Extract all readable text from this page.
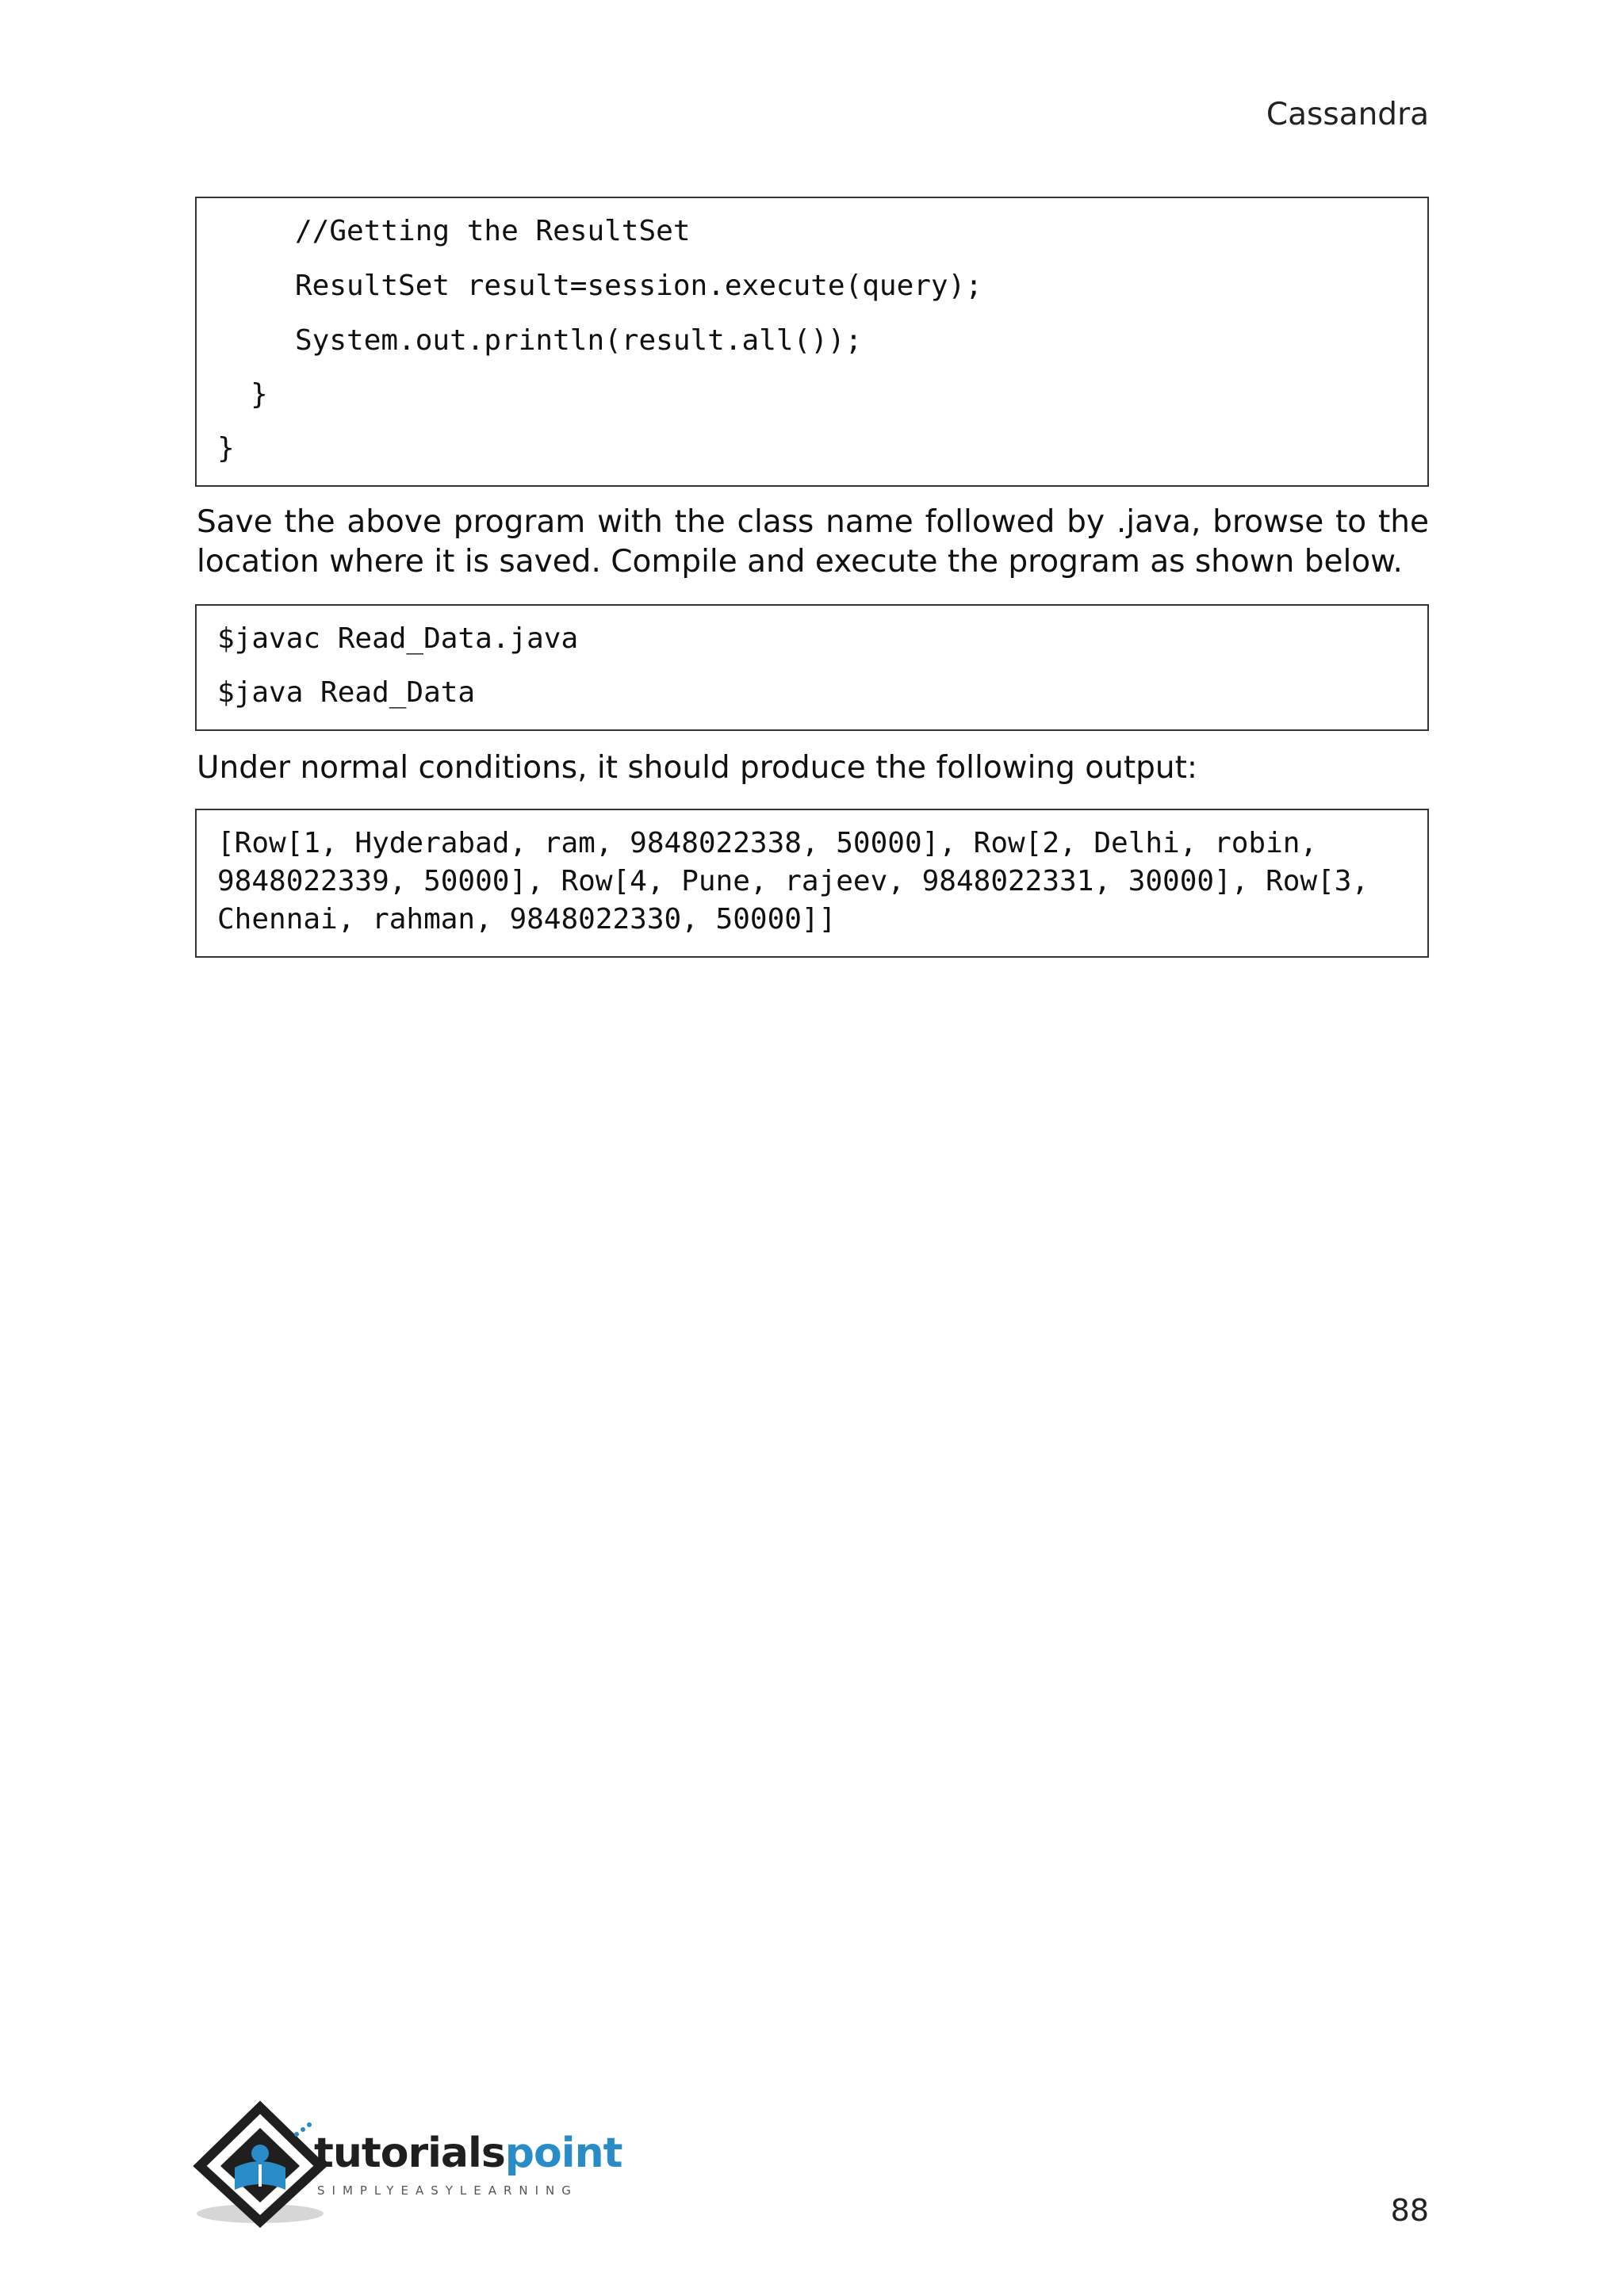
Cassandra
//Getting the ResultSet
ResultSet result=session.execute(query);
System.out.println(result.all());
}
}
Save the above program with the class name followed by .java, browse to the location where it is saved. Compile and execute the program as shown below.
$javac Read_Data.java
$java Read_Data
Under normal conditions, it should produce the following output:
[Row[1, Hyderabad, ram, 9848022338, 50000], Row[2, Delhi, robin,
9848022339, 50000], Row[4, Pune, rajeev, 9848022331, 30000], Row[3,
Chennai, rahman, 9848022330, 50000]]
tutorialspoint
SIMPLYEASYLEARNING
88
